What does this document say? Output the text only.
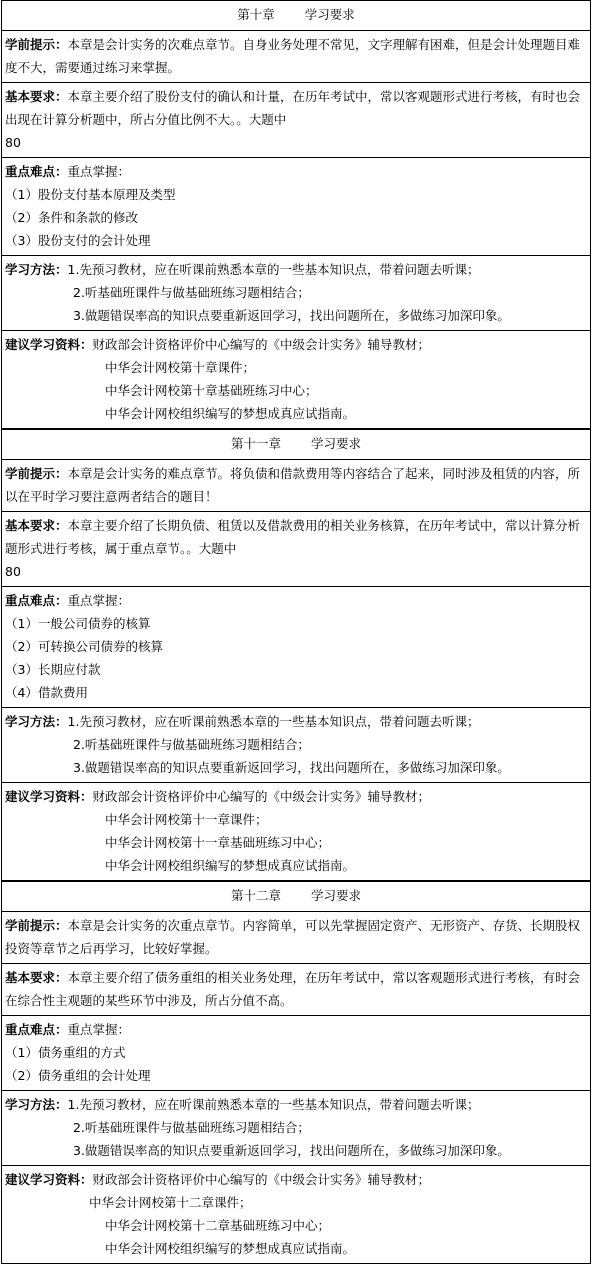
第十章 学习要求
学前提示：本章是会计实务的次难点章节。自身业务处理不常见，文字理解有困难，但是会计处理题目难度不大，需要通过练习来掌握。
基本要求：本章主要介绍了股份支付的确认和计量，在历年考试中，常以客观题形式进行考核，有时也会出现在计算分析题中，所占分值比例不大。。大题中
80

重点难点：重点掌握：
（1）股份支付基本原理及类型
（2）条件和条款的修改
（3）股份支付的会计处理

学习方法：1.先预习教材，应在听课前熟悉本章的一些基本知识点，带着问题去听课；
2.听基础班课件与做基础班练习题相结合；
3.做题错误率高的知识点要重新返回学习，找出问题所在，多做练习加深印象。

建议学习资料：财政部会计资格评价中心编写的《中级会计实务》辅导教材；
中华会计网校第十章课件；
中华会计网校第十章基础班练习中心；
中华会计网校组织编写的梦想成真应试指南。
第十一章 学习要求
学前提示：本章是会计实务的难点章节。将负债和借款费用等内容结合了起来，同时涉及租赁的内容，所以在平时学习要注意两者结合的题目！
基本要求：本章主要介绍了长期负债、租赁以及借款费用的相关业务核算，在历年考试中，常以计算分析题形式进行考核，属于重点章节。。大题中
80

重点难点：重点掌握：
（1）一般公司债券的核算
（2）可转换公司债券的核算
（3）长期应付款
（4）借款费用

学习方法：1.先预习教材，应在听课前熟悉本章的一些基本知识点，带着问题去听课；
2.听基础班课件与做基础班练习题相结合；
3.做题错误率高的知识点要重新返回学习，找出问题所在，多做练习加深印象。

建议学习资料：财政部会计资格评价中心编写的《中级会计实务》辅导教材；
中华会计网校第十一章课件；
中华会计网校第十一章基础班练习中心；
中华会计网校组织编写的梦想成真应试指南。
第十二章 学习要求
学前提示：本章是会计实务的次重点章节。内容简单，可以先掌握固定资产、无形资产、存货、长期股权投资等章节之后再学习，比较好掌握。
基本要求：本章主要介绍了债务重组的相关业务处理，在历年考试中，常以客观题形式进行考核，有时会在综合性主观题的某些环节中涉及，所占分值不高。
重点难点：重点掌握：
（1）债务重组的方式
（2）债务重组的会计处理

学习方法：1.先预习教材，应在听课前熟悉本章的一些基本知识点，带着问题去听课；
2.听基础班课件与做基础班练习题相结合；
3.做题错误率高的知识点要重新返回学习，找出问题所在，多做练习加深印象。

建议学习资料：财政部会计资格评价中心编写的《中级会计实务》辅导教材；
中华会计网校第十二章课件；
中华会计网校第十二章基础班练习中心；
中华会计网校组织编写的梦想成真应试指南。
